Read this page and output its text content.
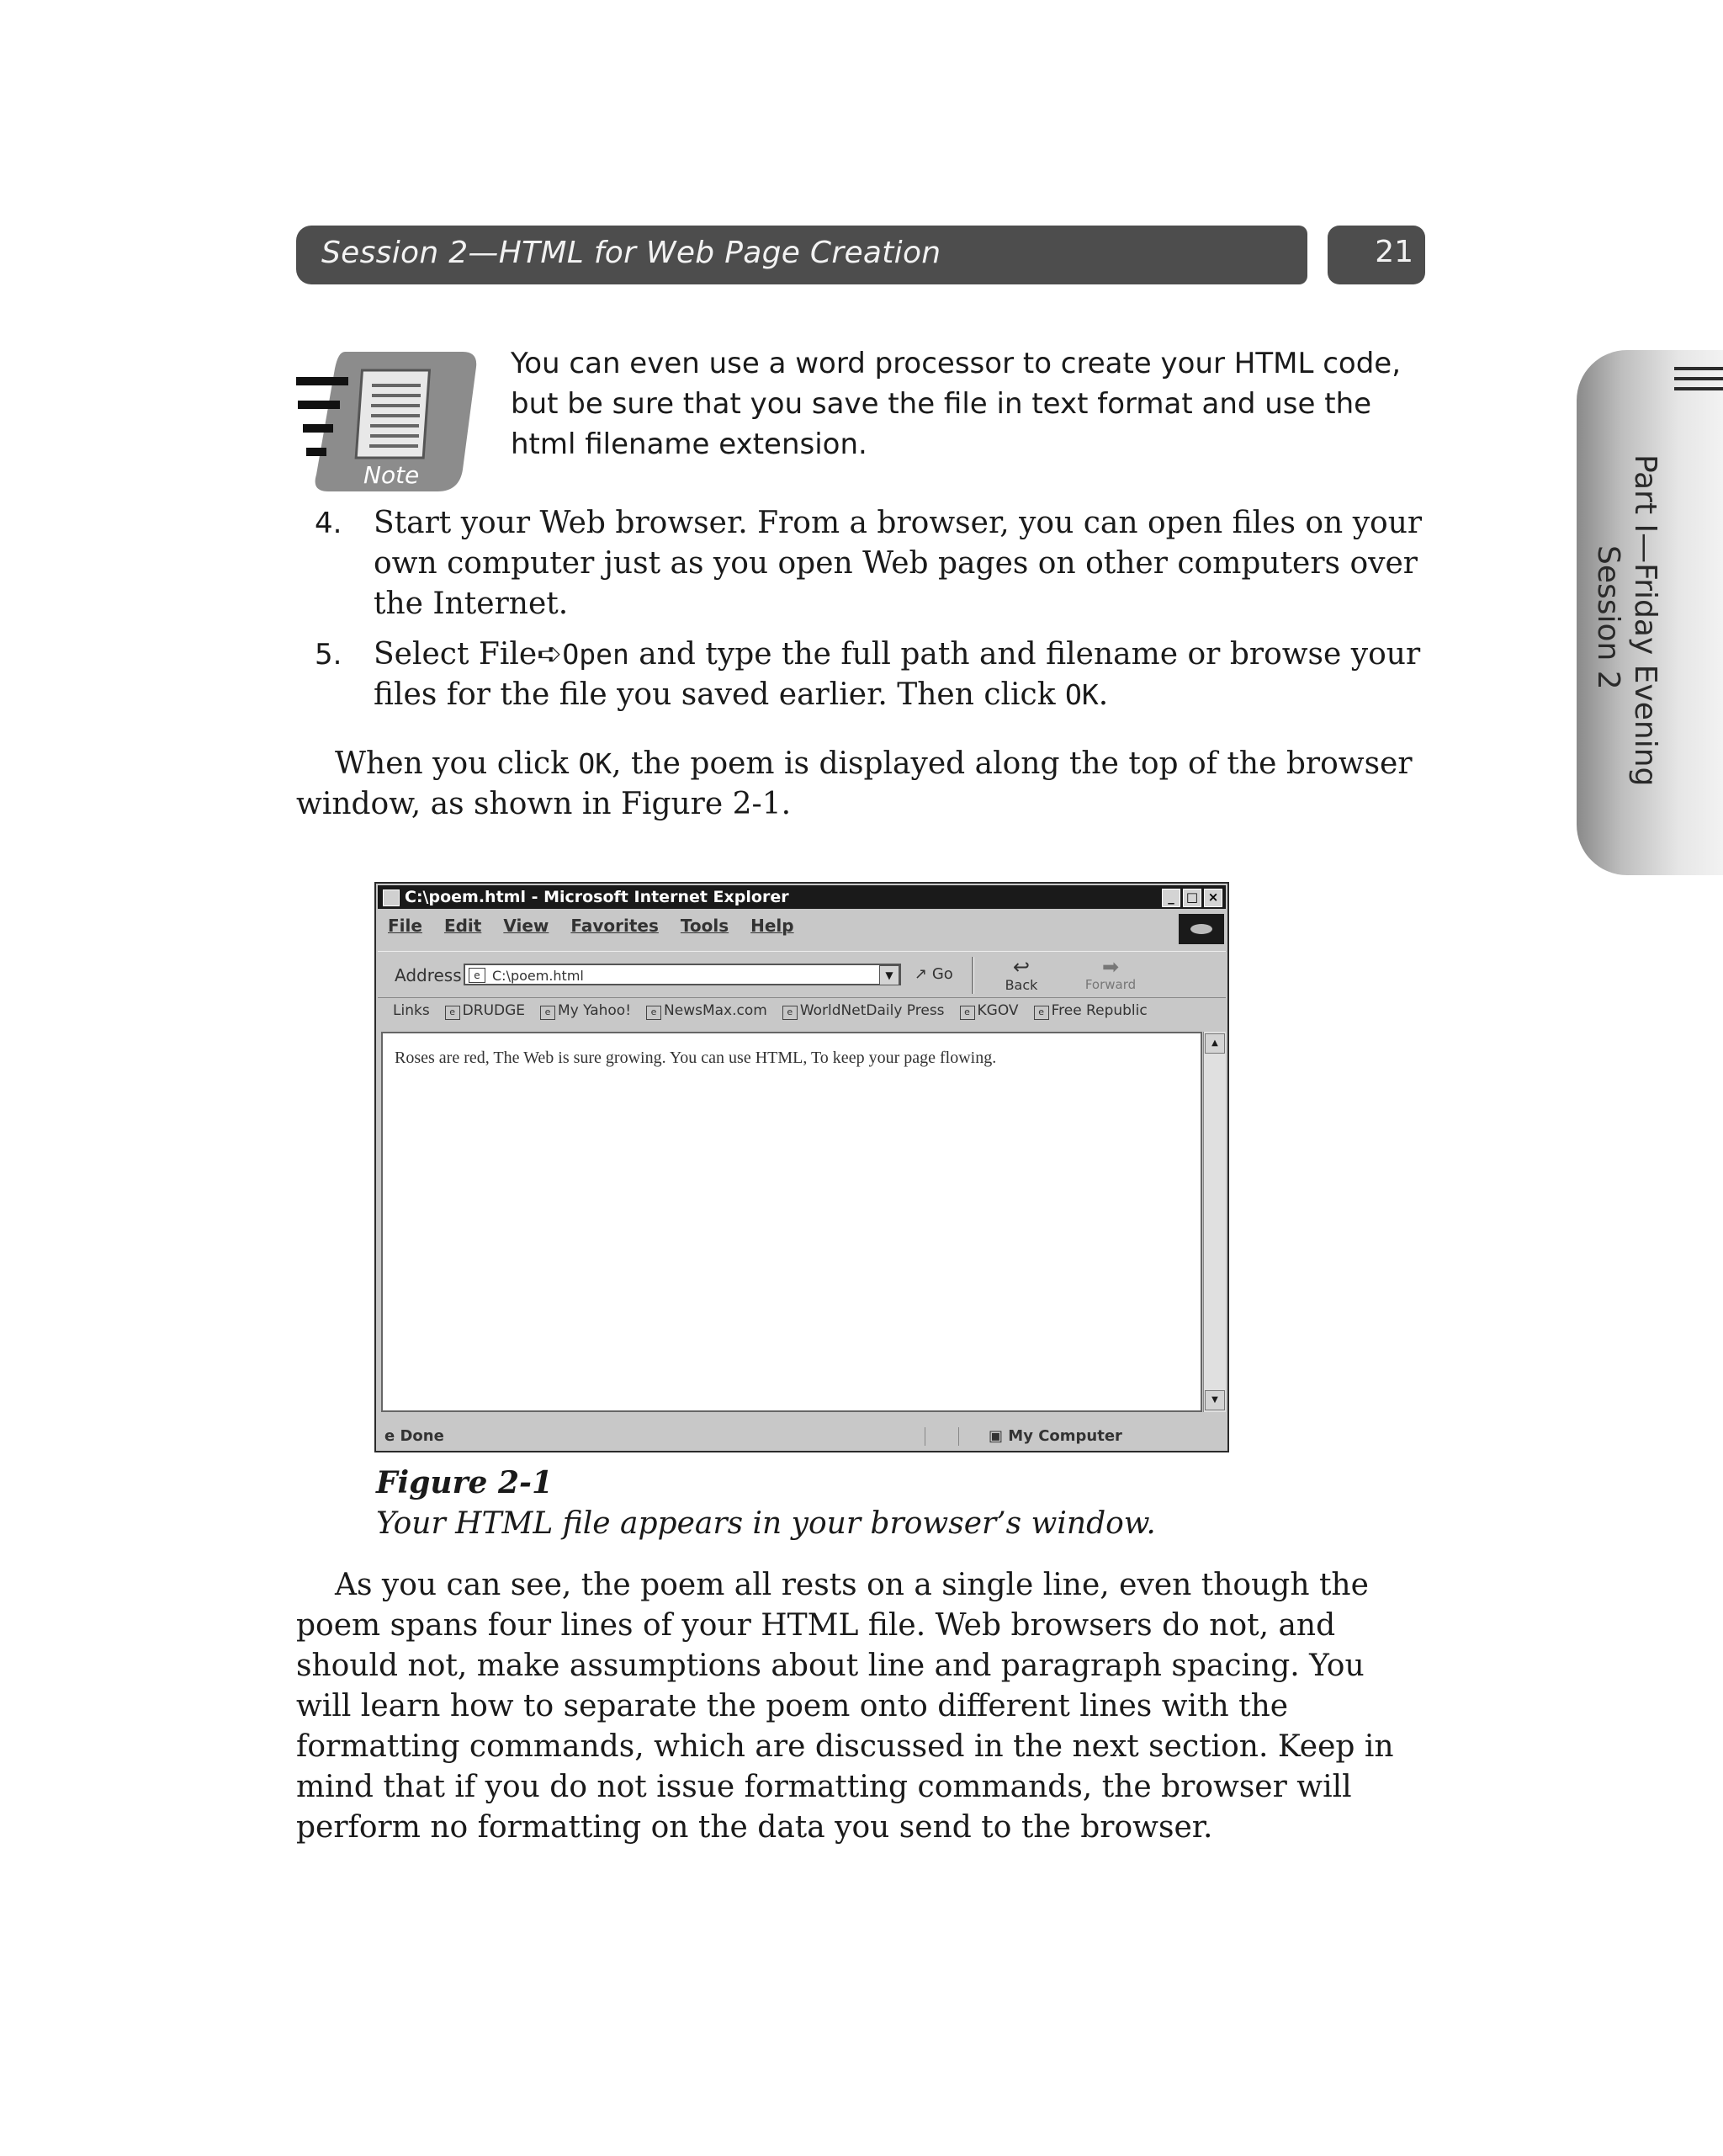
Session 2—HTML for Web Page Creation	21
Part I—Friday Evening
Session 2
Note
You can even use a word processor to create your HTML code, but be sure that you save the file in text format and use the html filename extension.
4. Start your Web browser. From a browser, you can open files on your own computer just as you open Web pages on other computers over the Internet.
5. Select File➪Open and type the full path and filename or browse your files for the file you saved earlier. Then click OK.
When you click OK, the poem is displayed along the top of the browser window, as shown in Figure 2-1.
C:\poem.html - Microsoft Internet Explorer	_ □ ×
File Edit View Favorites Tools Help
Address	e C:\poem.html	▼	↗ Go	↩
Back
➡
Forward
Links	e DRUDGE	e My Yahoo!	e NewsMax.com	e WorldNetDaily Press	e KGOV	e Free Republic
Roses are red, The Web is sure growing. You can use HTML, To keep your page flowing.
▲
▼
e Done	▣ My Computer
Figure 2-1
Your HTML file appears in your browser’s window.
As you can see, the poem all rests on a single line, even though the poem spans four lines of your HTML file. Web browsers do not, and should not, make assumptions about line and paragraph spacing. You will learn how to separate the poem onto different lines with the formatting commands, which are discussed in the next section. Keep in mind that if you do not issue formatting commands, the browser will perform no formatting on the data you send to the browser.
